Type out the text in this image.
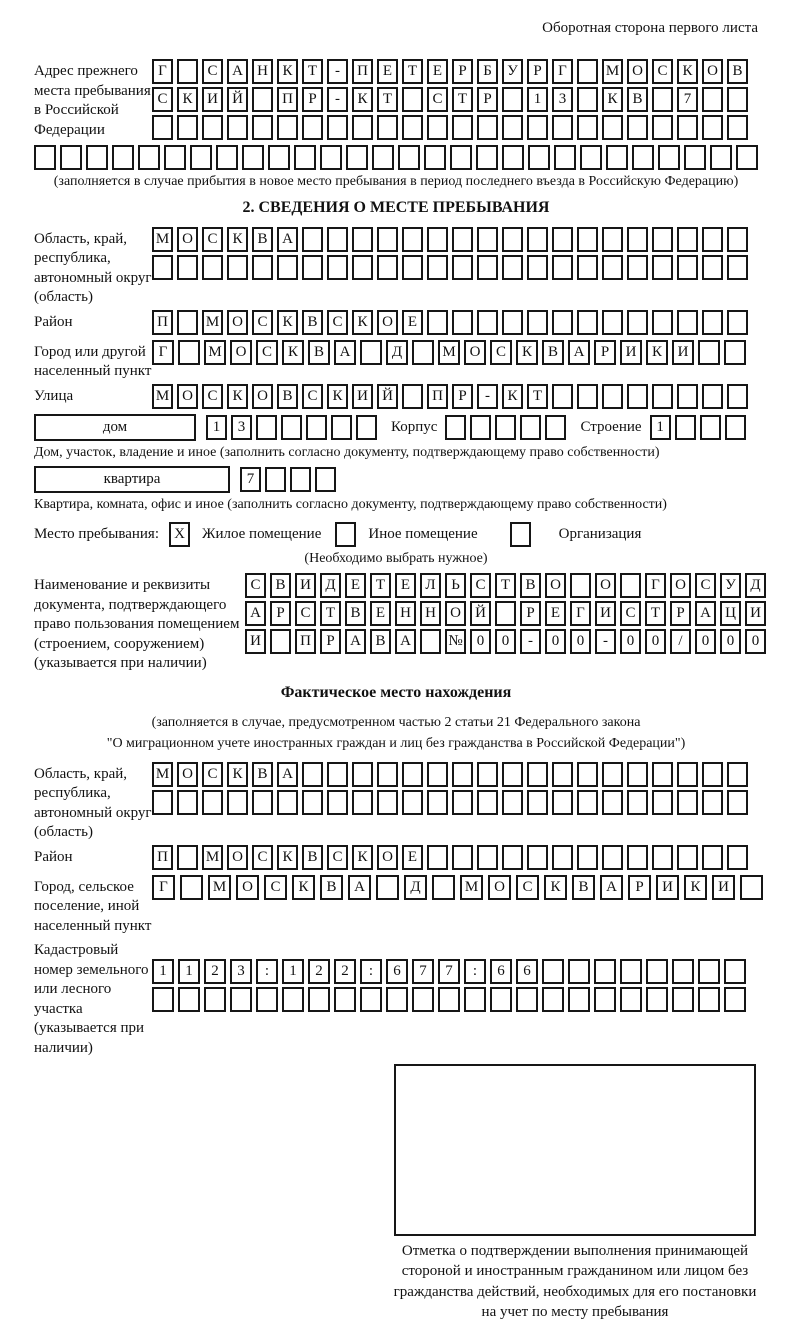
Оборотная сторона первого листа
Адрес прежнего места пребывания в Российской Федерации
Г	С А Н К	Т	-	П Е	Т	Е	Р	Б	У	Р	Г	М О С К О В
С К И Й	П	Р	-	К	Т	С	Т	Р	1	3	К В	7
(заполняется в случае прибытия в новое место пребывания в период последнего въезда в Российскую Федерацию)
2. СВЕДЕНИЯ О МЕСТЕ ПРЕБЫВАНИЯ
Область, край, республика, автономный округ (область)
М О С К В А
Район	П	М О С К В С К О Е
Город или другой населенный пункт
Г	М О	С	К	В	А	Д	М О	С	К	В	А	Р	И	К	И
Улица	М О С К О В С К И Й	П	Р	-	К	Т
дом	1	3	Корпус	Строение 1
Дом, участок, владение и иное (заполнить согласно документу, подтверждающему право собственности)
квартира	7
Квартира, комната, офис и иное (заполнить согласно документу, подтверждающему право собственности)
Место пребывания:	X	Жилое помещение	Иное помещение	Организация
(Необходимо выбрать нужное)
Наименование и реквизиты документа, подтверждающего право пользования помещением (строением, сооружением) (указывается при наличии)
С В И Д	Е	Т	Е	Л	Ь	С	Т	В О	О	Г	О С У Д
А	Р	С	Т	В	Е	Н Н О Й	Р	Е	Г	И С	Т	Р	А Ц И
И	П	Р	А В А	№ 0	0	-	0	0	-	0	0	/	0	0	0
Фактическое место нахождения
(заполняется в случае, предусмотренном частью 2 статьи 21 Федерального закона
"О миграционном учете иностранных граждан и лиц без гражданства в Российской Федерации")
Область, край, республика, автономный округ (область)
М О С К В А
Район	П	М О С К В С К О Е
Город, сельское поселение, иной населенный пункт
Г	М	О	С	К	В	А	Д	М	О	С	К	В	А	Р	И	К	И
Кадастровый номер земельного или лесного участка (указывается при наличии)
1	1	2	3	:	1	2	2	:	6	7	7	:	6	6
Отметка о подтверждении выполнения принимающей стороной и иностранным гражданином или лицом без гражданства действий, необходимых для его постановки на учет по месту пребывания
